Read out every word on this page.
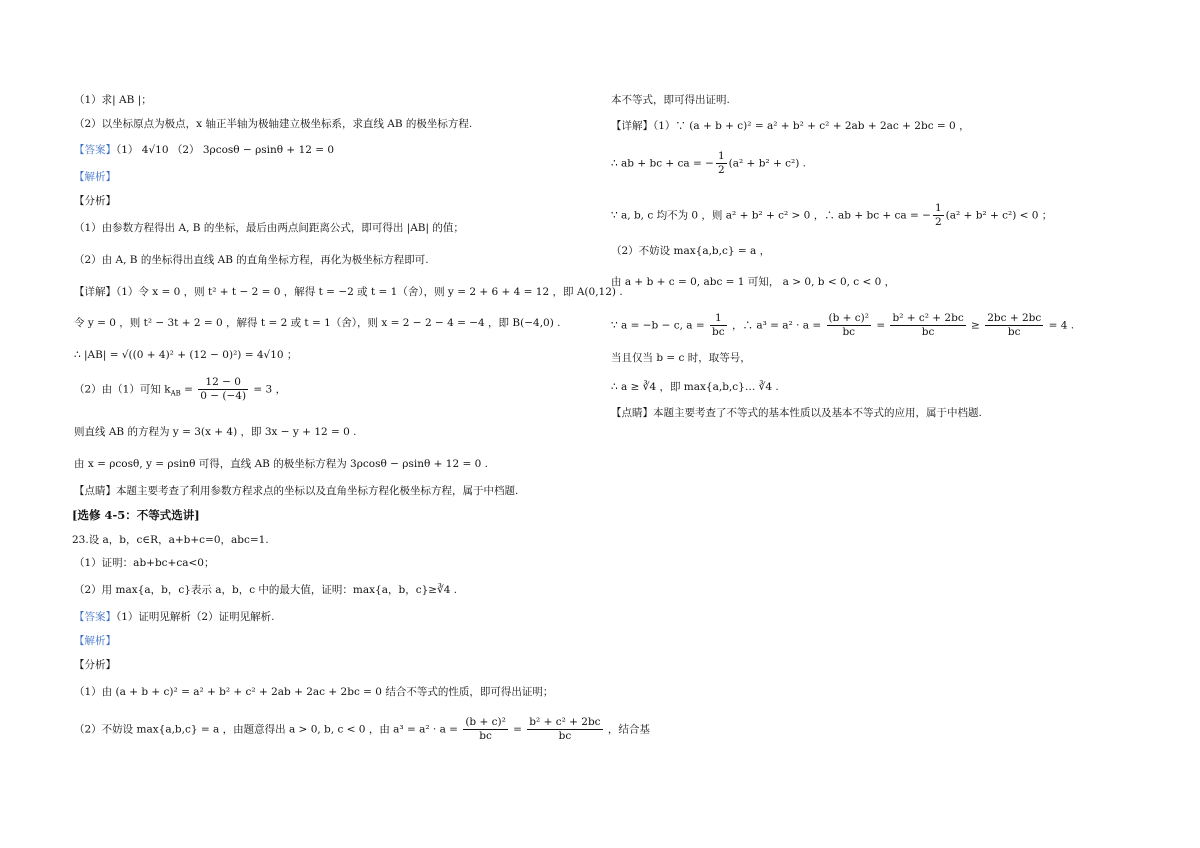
（1）求| AB |；
（2）以坐标原点为极点，x 轴正半轴为极轴建立极坐标系，求直线 AB 的极坐标方程.
【答案】（1） 4√10 （2） 3ρcosθ − ρsinθ + 12 = 0
【解析】
【分析】
（1）由参数方程得出 A, B 的坐标，最后由两点间距离公式，即可得出 |AB| 的值；
（2）由 A, B 的坐标得出直线 AB 的直角坐标方程，再化为极坐标方程即可.
【详解】（1）令 x = 0 ，则 t² + t − 2 = 0 ，解得 t = −2 或 t = 1（舍），则 y = 2 + 6 + 4 = 12 ，即 A(0,12) .
令 y = 0 ，则 t² − 3t + 2 = 0 ，解得 t = 2 或 t = 1（舍），则 x = 2 − 2 − 4 = −4 ，即 B(−4,0) .
∴ |AB| = √((0 + 4)² + (12 − 0)²) = 4√10 ；
（2）由（1）可知 $k_{AB} = \frac{12 - 0}{0 - (-4)} = 3$ ，
则直线 AB 的方程为 y = 3(x + 4) ，即 3x − y + 12 = 0 .
由 x = ρcosθ, y = ρsinθ 可得，直线 AB 的极坐标方程为 3ρcosθ − ρsinθ + 12 = 0 .
【点睛】本题主要考查了利用参数方程求点的坐标以及直角坐标方程化极坐标方程，属于中档题.
[选修 4-5：不等式选讲]
23.设 a，b，c∈R，a+b+c=0，abc=1.
（1）证明：ab+bc+ca<0；
（2）用 max{a，b，c}表示 a，b，c 中的最大值，证明：max{a，b，c}≥∛4 .
【答案】（1）证明见解析（2）证明见解析.
【解析】
【分析】
（1）由 (a + b + c)² = a² + b² + c² + 2ab + 2ac + 2bc = 0 结合不等式的性质，即可得出证明；
（2）不妨设 max{a,b,c} = a ，由题意得出 a > 0, b, c < 0 ，由 $a^3 = a^2 \cdot a = \frac{\text{(b + c)²}}{bc} = \frac{\text{b² + c² + 2bc}}{bc}$ ，结合基
本不等式，即可得出证明.
【详解】（1）∵ (a + b + c)² = a² + b² + c² + 2ab + 2ac + 2bc = 0 ，
∴ ab + bc + ca = − $\frac{1}{2} (a^2 + b^2 + c^2)$ .
∵ a, b, c 均不为 0 ，则 a² + b² + c² > 0 ，∴ ab + bc + ca = − $\frac{1}{2} (a^2 + b^2 + c^2) < 0$ ；
（2）不妨设 max{a,b,c} = a ，
由 a + b + c = 0, abc = 1 可知， a > 0, b < 0, c < 0 ，
∵ a = −b − c, $a = \frac{1}{bc}$ ，∴ $a^3 = a^2 \cdot a = \frac{\text{(b + c)²}}{bc} = \frac{\text{b² + c² + 2bc}}{bc} \ge \frac{2bc + 2bc}{bc} = 4$ .
当且仅当 b = c 时，取等号，
∴ a ≥ ∛4 ，即 max{a,b,c}… ∛4 .
【点睛】本题主要考查了不等式的基本性质以及基本不等式的应用，属于中档题.
